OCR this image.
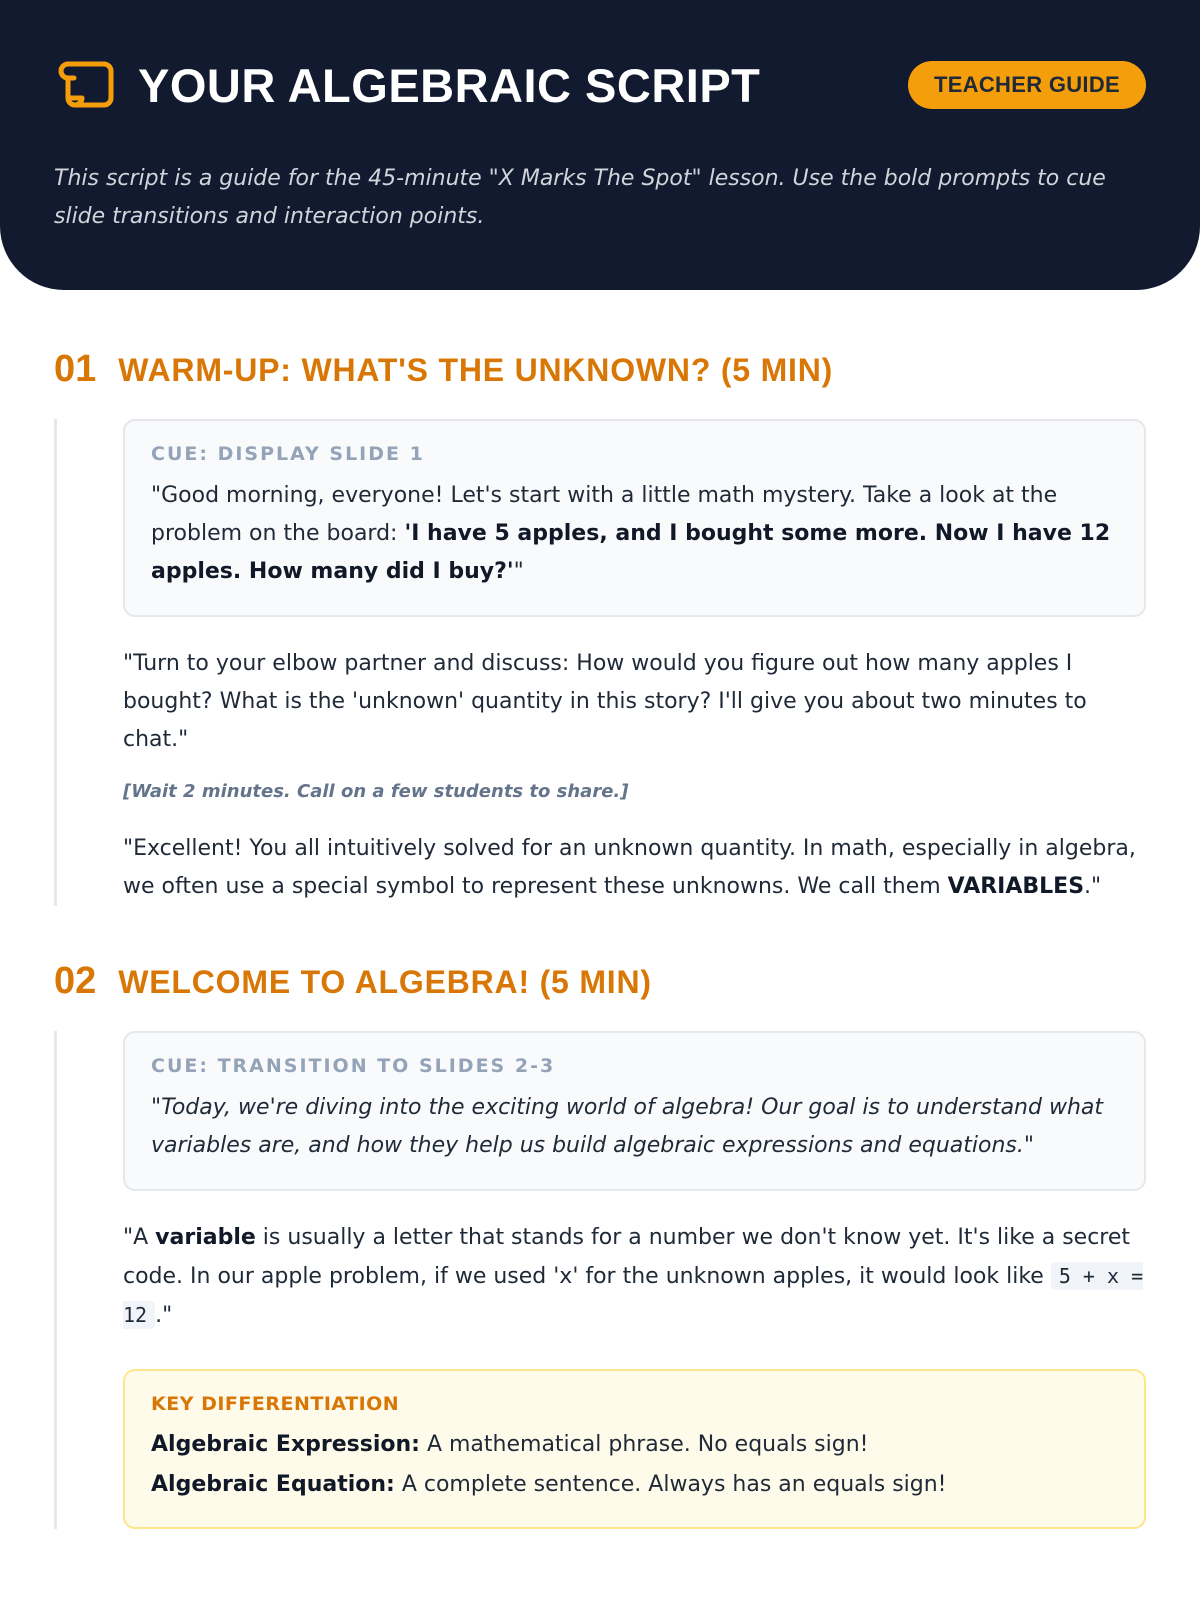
YOUR ALGEBRAIC SCRIPT	TEACHER GUIDE

This script is a guide for the 45-minute "X Marks The Spot" lesson. Use the bold prompts to cue slide transitions and interaction points.

01 WARM-UP: WHAT'S THE UNKNOWN? (5 MIN)

CUE: DISPLAY SLIDE 1

"Good morning, everyone! Let's start with a little math mystery. Take a look at the problem on the board: 'I have 5 apples, and I bought some more. Now I have 12 apples. How many did I buy?'"

"Turn to your elbow partner and discuss: How would you figure out how many apples I bought? What is the 'unknown' quantity in this story? I'll give you about two minutes to chat."

[Wait 2 minutes. Call on a few students to share.]

"Excellent! You all intuitively solved for an unknown quantity. In math, especially in algebra, we often use a special symbol to represent these unknowns. We call them VARIABLES."

02 WELCOME TO ALGEBRA! (5 MIN)

CUE: TRANSITION TO SLIDES 2-3

"Today, we're diving into the exciting world of algebra! Our goal is to understand what variables are, and how they help us build algebraic expressions and equations."

"A variable is usually a letter that stands for a number we don't know yet. It's like a secret code. In our apple problem, if we used 'x' for the unknown apples, it would look like 5 + x = 12 ."

KEY DIFFERENTIATION

Algebraic Expression: A mathematical phrase. No equals sign!

Algebraic Equation: A complete sentence. Always has an equals sign!
